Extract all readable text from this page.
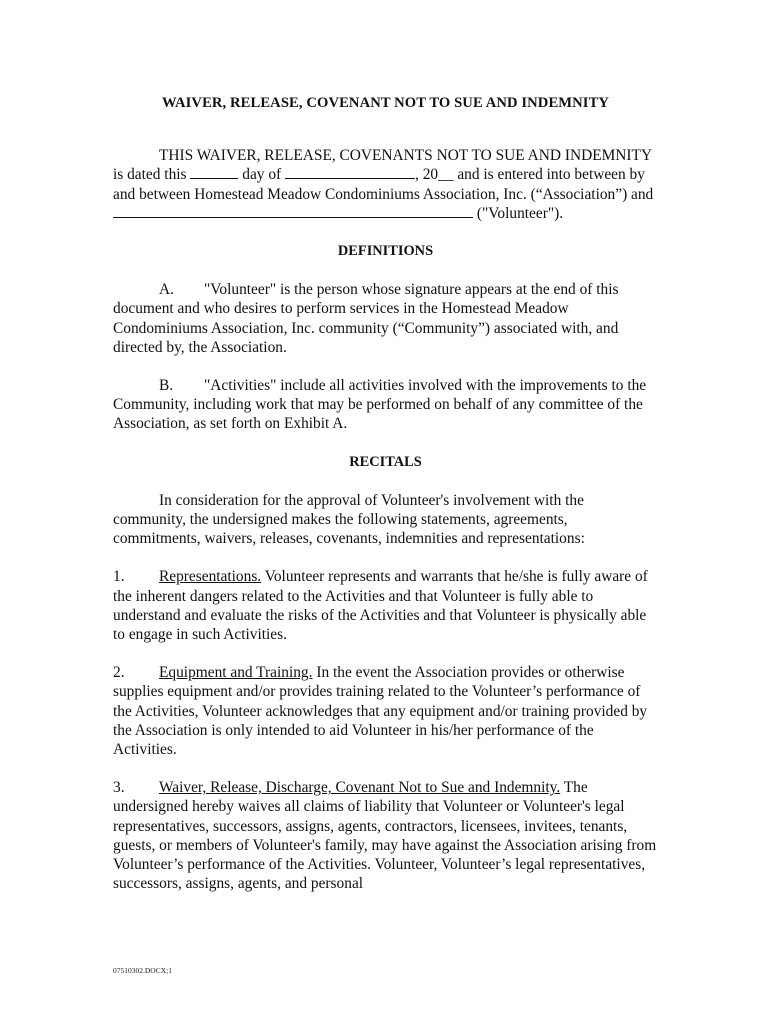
WAIVER, RELEASE, COVENANT NOT TO SUE AND INDEMNITY

THIS WAIVER, RELEASE, COVENANTS NOT TO SUE AND INDEMNITY is dated this	day of	, 20__ and is entered into between by and between Homestead Meadow Condominiums Association, Inc. (“Association”) and
("Volunteer").

DEFINITIONS

A. "Volunteer" is the person whose signature appears at the end of this document and who desires to perform services in the Homestead Meadow Condominiums Association, Inc. community (“Community”) associated with, and directed by, the Association.

B. "Activities" include all activities involved with the improvements to the Community, including work that may be performed on behalf of any committee of the Association, as set forth on Exhibit A.

RECITALS

In consideration for the approval of Volunteer's involvement with the community, the undersigned makes the following statements, agreements, commitments, waivers, releases, covenants, indemnities and representations:

1. Representations. Volunteer represents and warrants that he/she is fully aware of the inherent dangers related to the Activities and that Volunteer is fully able to understand and evaluate the risks of the Activities and that Volunteer is physically able to engage in such Activities.

2. Equipment and Training. In the event the Association provides or otherwise supplies equipment and/or provides training related to the Volunteer’s performance of the Activities, Volunteer acknowledges that any equipment and/or training provided by the Association is only intended to aid Volunteer in his/her performance of the Activities.

3. Waiver, Release, Discharge, Covenant Not to Sue and Indemnity. The undersigned hereby waives all claims of liability that Volunteer or Volunteer's legal representatives, successors, assigns, agents, contractors, licensees, invitees, tenants, guests, or members of Volunteer's family, may have against the Association arising from Volunteer’s performance of the Activities. Volunteer, Volunteer’s legal representatives, successors, assigns, agents, and personal

07510302.DOCX;1
